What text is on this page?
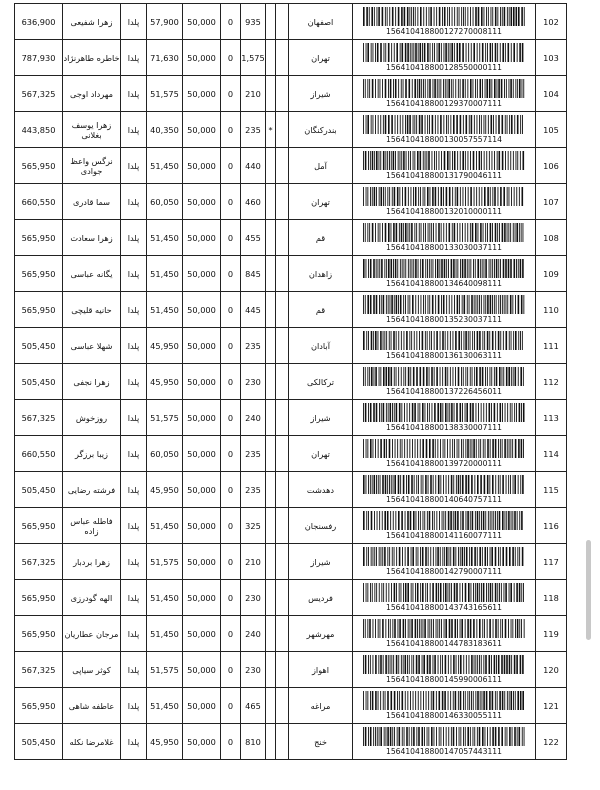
636,900	زهرا شفیعی	پلدا	57,900	50,000	0	935			اصفهان	156410418800127270008111	102
787,930	خاطره طاهرنژاد	پلدا	71,630	50,000	0	1,575			تهران	156410418800128550000111	103
567,325	مهرداد اوجی	پلدا	51,575	50,000	0	210			شیراز	156410418800129370007111	104
443,850	زهرا یوسف بغلانی	پلدا	40,350	50,000	0	235	*		بندرکنگان	156410418800130057557114	105
565,950	نرگس واعظ جوادی	پلدا	51,450	50,000	0	440			آمل	156410418800131790046111	106
660,550	سما قادری	پلدا	60,050	50,000	0	460			تهران	156410418800132010000111	107
565,950	زهرا سعادت	پلدا	51,450	50,000	0	455			قم	156410418800133030037111	108
565,950	یگانه عباسی	پلدا	51,450	50,000	0	845			زاهدان	156410418800134640098111	109
565,950	حانیه قلیچی	پلدا	51,450	50,000	0	445			قم	156410418800135230037111	110
505,450	شهلا عباسی	پلدا	45,950	50,000	0	235			آبادان	156410418800136130063111	111
505,450	زهرا نجفی	پلدا	45,950	50,000	0	230			ترکالکی	156410418800137226456011	112
567,325	روزخوش	پلدا	51,575	50,000	0	240			شیراز	156410418800138330007111	113
660,550	زیبا برزگر	پلدا	60,050	50,000	0	235			تهران	156410418800139720000111	114
505,450	فرشته رضایی	پلدا	45,950	50,000	0	235			دهدشت	156410418800140640757111	115
565,950	فاطله عباس زاده	پلدا	51,450	50,000	0	325			رفسنجان	156410418800141160077111	116
567,325	زهرا بردبار	پلدا	51,575	50,000	0	210			شیراز	156410418800142790007111	117
565,950	الهه گودرزی	پلدا	51,450	50,000	0	230			فردیس	156410418800143743165611	118
565,950	مرجان عطاریان	پلدا	51,450	50,000	0	240			مهرشهر	156410418800144783183611	119
567,325	کوثر سیاپی	پلدا	51,575	50,000	0	230			اهواز	156410418800145990006111	120
565,950	عاطفه شاهی	پلدا	51,450	50,000	0	465			مراغه	156410418800146330055111	121
505,450	غلامرضا نکله	پلدا	45,950	50,000	0	810			خنج	156410418800147057443111	122
